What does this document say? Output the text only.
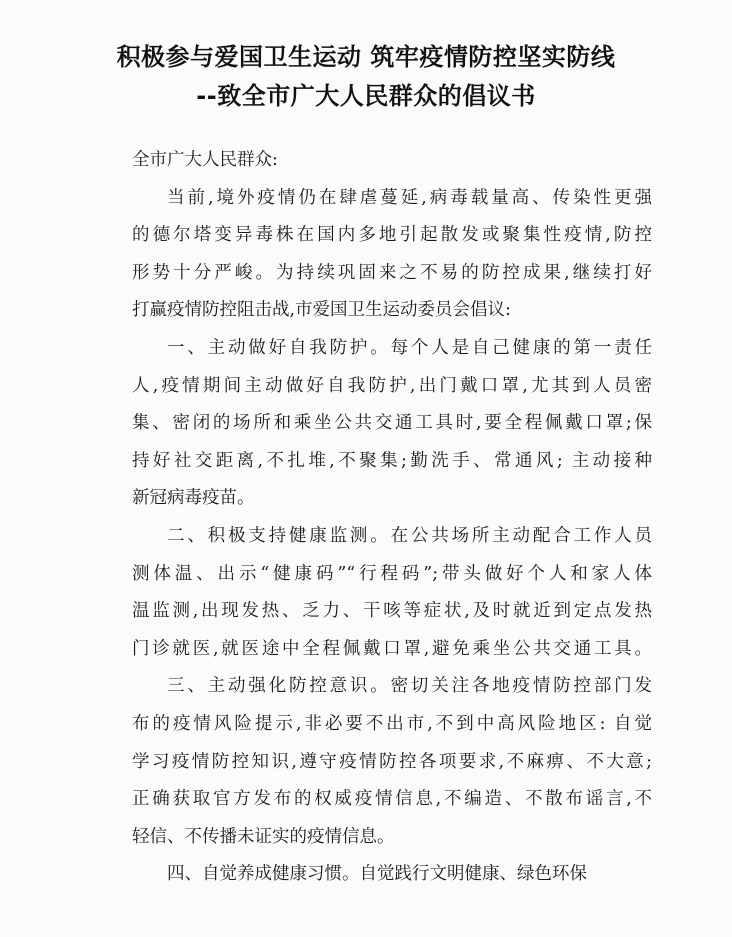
积极参与爱国卫生运动 筑牢疫情防控坚实防线
--致全市广大人民群众的倡议书
全市广大人民群众:
当前,境外疫情仍在肆虐蔓延,病毒载量高、传染性更强
的德尔塔变异毒株在国内多地引起散发或聚集性疫情,防控
形势十分严峻。为持续巩固来之不易的防控成果,继续打好
打赢疫情防控阻击战,市爱国卫生运动委员会倡议:
一、主动做好自我防护。每个人是自己健康的第一责任
人,疫情期间主动做好自我防护,出门戴口罩,尤其到人员密
集、密闭的场所和乘坐公共交通工具时,要全程佩戴口罩;保
持好社交距离,不扎堆,不聚集;勤洗手、常通风; 主动接种
新冠病毒疫苗。
二、积极支持健康监测。在公共场所主动配合工作人员
测体温、出示“健康码”“行程码”;带头做好个人和家人体
温监测,出现发热、乏力、干咳等症状,及时就近到定点发热
门诊就医,就医途中全程佩戴口罩,避免乘坐公共交通工具。
三、主动强化防控意识。密切关注各地疫情防控部门发
布的疫情风险提示,非必要不出市,不到中高风险地区: 自觉
学习疫情防控知识,遵守疫情防控各项要求,不麻痹、不大意;
正确获取官方发布的权威疫情信息,不编造、不散布谣言,不
轻信、不传播未证实的疫情信息。
四、自觉养成健康习惯。自觉践行文明健康、绿色环保
